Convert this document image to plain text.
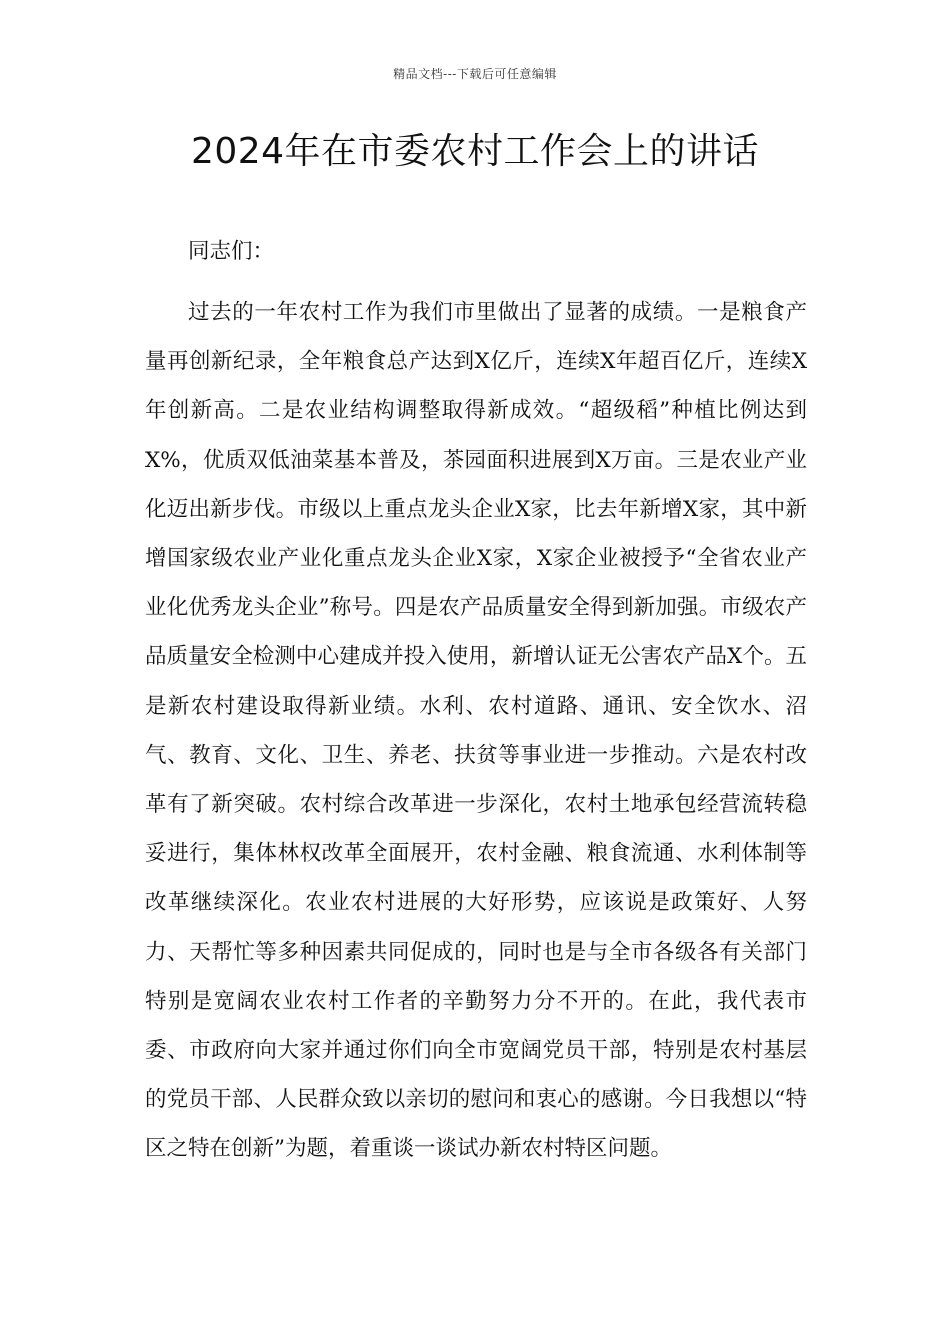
精品文档---下载后可任意编辑
2024年在市委农村工作会上的讲话

同志们：

过去的一年农村工作为我们市里做出了显著的成绩。一是粮食产量再创新纪录，全年粮食总产达到X亿斤，连续X年超百亿斤，连续X年创新高。二是农业结构调整取得新成效。“超级稻”种植比例达到X%，优质双低油菜基本普及，茶园面积进展到X万亩。三是农业产业化迈出新步伐。市级以上重点龙头企业X家，比去年新增X家，其中新增国家级农业产业化重点龙头企业X家，X家企业被授予“全省农业产业化优秀龙头企业”称号。四是农产品质量安全得到新加强。市级农产品质量安全检测中心建成并投入使用，新增认证无公害农产品X个。五是新农村建设取得新业绩。水利、农村道路、通讯、安全饮水、沼气、教育、文化、卫生、养老、扶贫等事业进一步推动。六是农村改革有了新突破。农村综合改革进一步深化，农村土地承包经营流转稳妥进行，集体林权改革全面展开，农村金融、粮食流通、水利体制等改革继续深化。农业农村进展的大好形势，应该说是政策好、人努力、天帮忙等多种因素共同促成的，同时也是与全市各级各有关部门特别是宽阔农业农村工作者的辛勤努力分不开的。在此，我代表市委、市政府向大家并通过你们向全市宽阔党员干部，特别是农村基层的党员干部、人民群众致以亲切的慰问和衷心的感谢。今日我想以“特区之特在创新”为题，着重谈一谈试办新农村特区问题。
